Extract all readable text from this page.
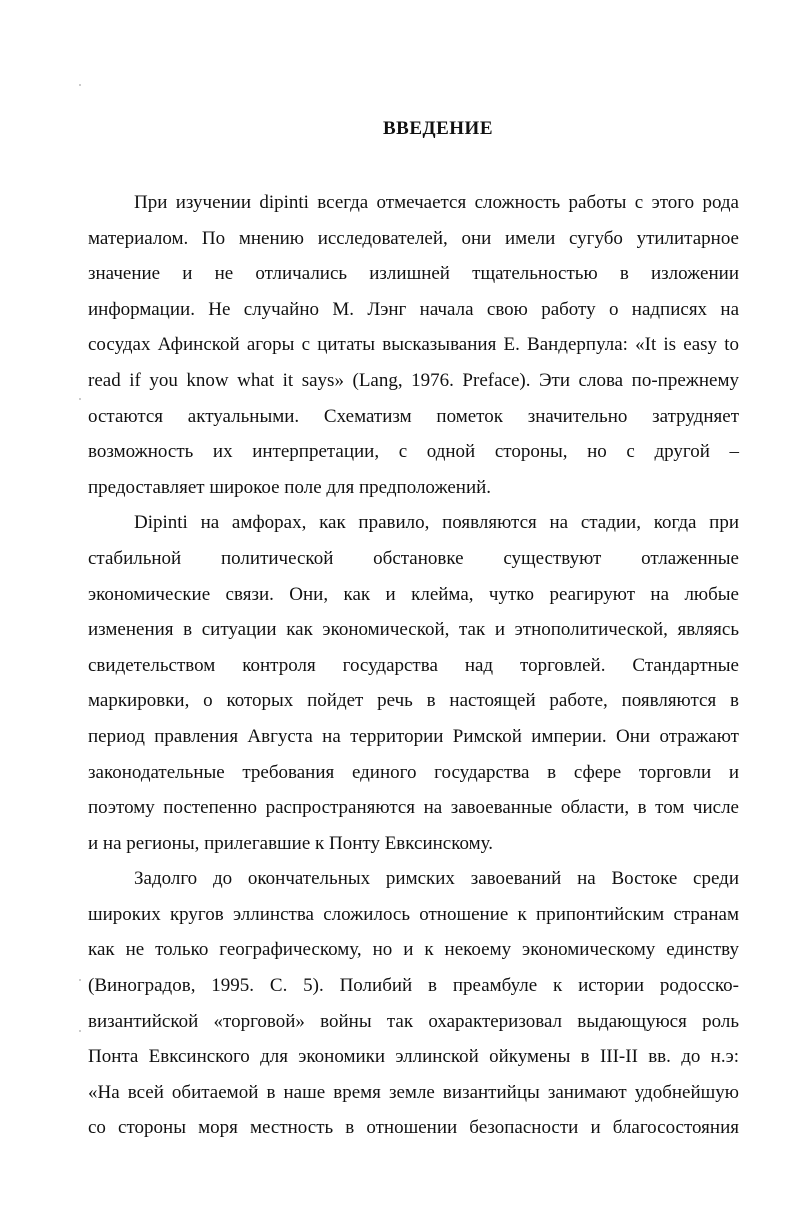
ВВЕДЕНИЕ
При изучении dipinti всегда отмечается сложность работы с этого рода
материалом. По мнению исследователей, они имели сугубо утилитарное
значение и не отличались излишней тщательностью в изложении
информации. Не случайно М. Лэнг начала свою работу о надписях на
сосудах Афинской агоры с цитаты высказывания Е. Вандерпула: «It is easy to
read if you know what it says» (Lang, 1976. Preface). Эти слова по-прежнему
остаются актуальными. Схематизм пометок значительно затрудняет
возможность их интерпретации, с одной стороны, но с другой –
предоставляет широкое поле для предположений.
Dipinti на амфорах, как правило, появляются на стадии, когда при
стабильной политической обстановке существуют отлаженные
экономические связи. Они, как и клейма, чутко реагируют на любые
изменения в ситуации как экономической, так и этнополитической, являясь
свидетельством контроля государства над торговлей. Стандартные
маркировки, о которых пойдет речь в настоящей работе, появляются в
период правления Августа на территории Римской империи. Они отражают
законодательные требования единого государства в сфере торговли и
поэтому постепенно распространяются на завоеванные области, в том числе
и на регионы, прилегавшие к Понту Евксинскому.
Задолго до окончательных римских завоеваний на Востоке среди
широких кругов эллинства сложилось отношение к припонтийским странам
как не только географическому, но и к некоему экономическому единству
(Виноградов, 1995. С. 5). Полибий в преамбуле к истории родосско-
византийской «торговой» войны так охарактеризовал выдающуюся роль
Понта Евксинского для экономики эллинской ойкумены в III-II вв. до н.э:
«На всей обитаемой в наше время земле византийцы занимают удобнейшую
со стороны моря местность в отношении безопасности и благосостояния
